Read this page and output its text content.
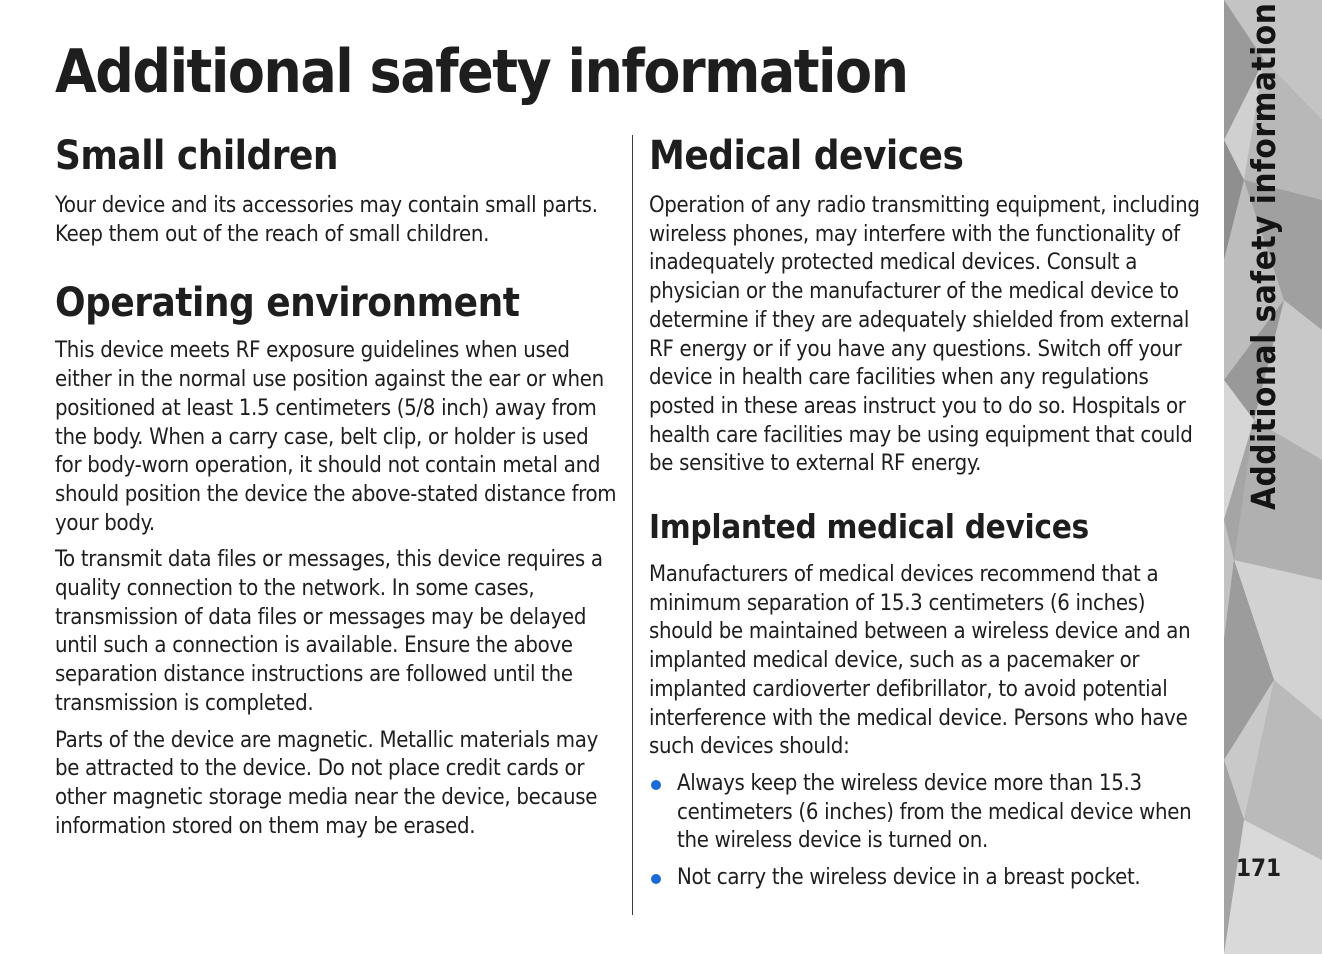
Additional safety information
Small children

Your device and its accessories may contain small parts. Keep them out of the reach of small children.

Operating environment

This device meets RF exposure guidelines when used either in the normal use position against the ear or when positioned at least 1.5 centimeters (5/8 inch) away from the body. When a carry case, belt clip, or holder is used for body-worn operation, it should not contain metal and should position the device the above-stated distance from your body.

To transmit data files or messages, this device requires a quality connection to the network. In some cases, transmission of data files or messages may be delayed until such a connection is available. Ensure the above separation distance instructions are followed until the transmission is completed.

Parts of the device are magnetic. Metallic materials may be attracted to the device. Do not place credit cards or other magnetic storage media near the device, because information stored on them may be erased.

Medical devices

Operation of any radio transmitting equipment, including wireless phones, may interfere with the functionality of inadequately protected medical devices. Consult a physician or the manufacturer of the medical device to determine if they are adequately shielded from external RF energy or if you have any questions. Switch off your device in health care facilities when any regulations posted in these areas instruct you to do so. Hospitals or health care facilities may be using equipment that could be sensitive to external RF energy.

Implanted medical devices

Manufacturers of medical devices recommend that a minimum separation of 15.3 centimeters (6 inches) should be maintained between a wireless device and an implanted medical device, such as a pacemaker or implanted cardioverter defibrillator, to avoid potential interference with the medical device. Persons who have such devices should:

Always keep the wireless device more than 15.3 centimeters (6 inches) from the medical device when the wireless device is turned on.
Not carry the wireless device in a breast pocket.
Additional safety information
171
